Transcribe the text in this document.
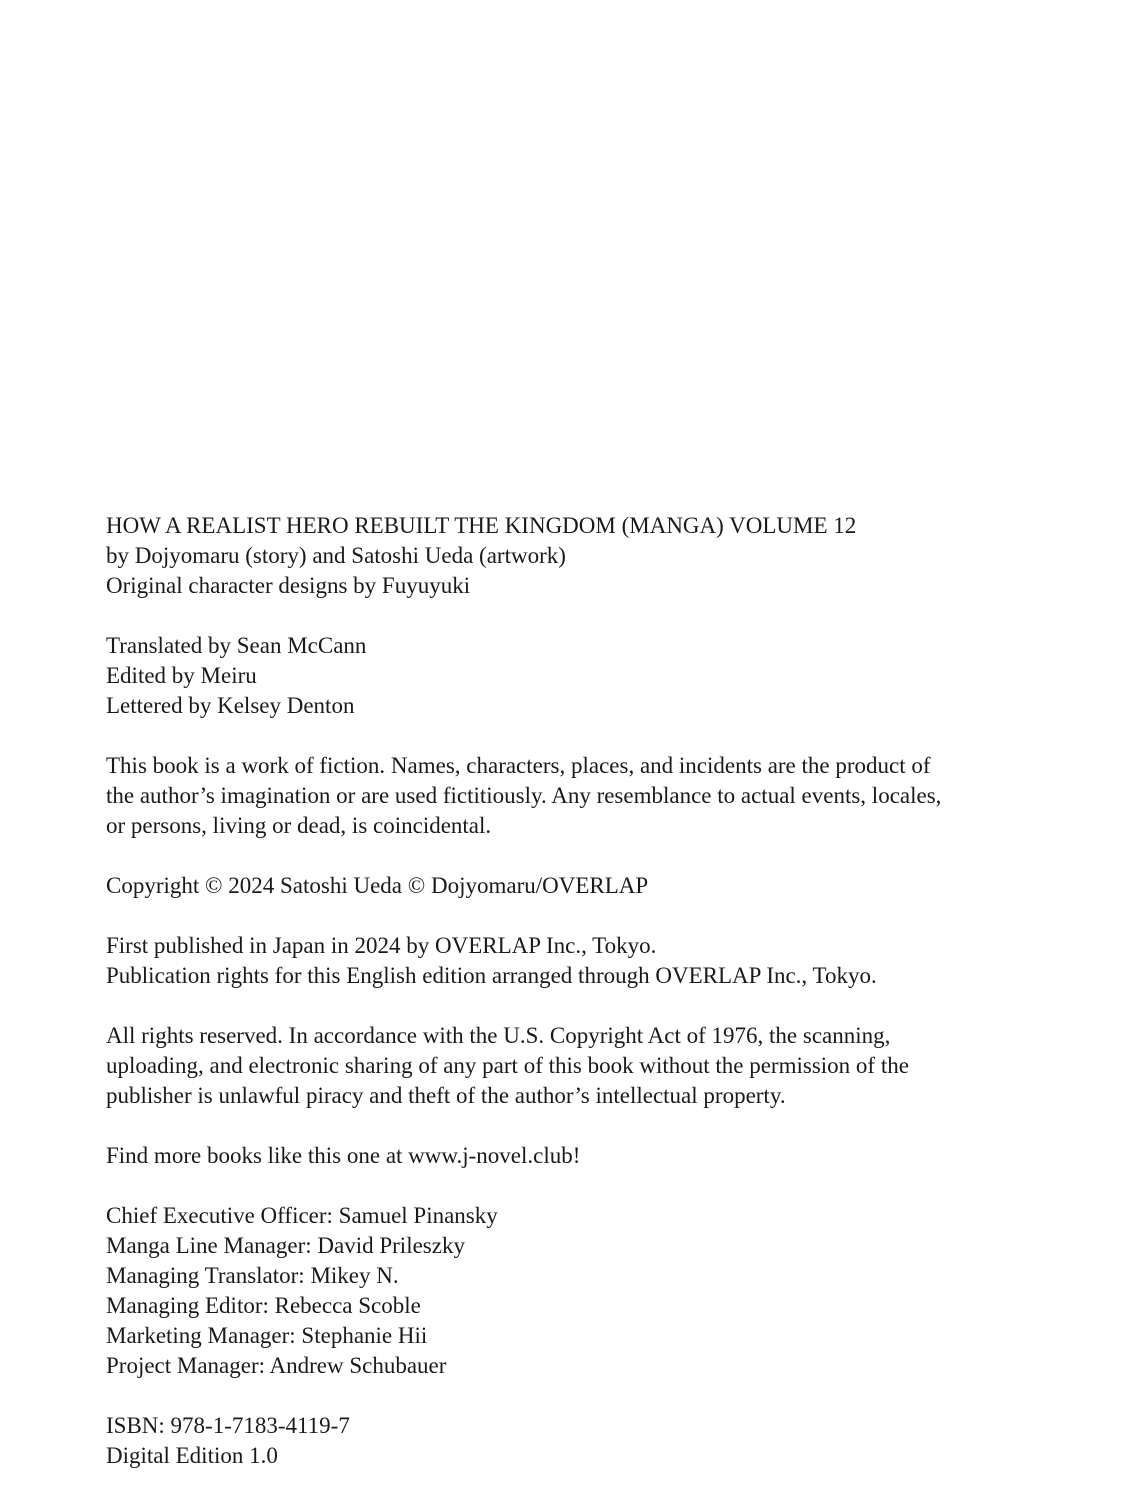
HOW A REALIST HERO REBUILT THE KINGDOM (MANGA) VOLUME 12

by Dojyomaru (story) and Satoshi Ueda (artwork)

Original character designs by Fuyuyuki

Translated by Sean McCann

Edited by Meiru

Lettered by Kelsey Denton

This book is a work of fiction. Names, characters, places, and incidents are the product of

the author’s imagination or are used fictitiously. Any resemblance to actual events, locales,

or persons, living or dead, is coincidental.

Copyright © 2024 Satoshi Ueda © Dojyomaru/OVERLAP

First published in Japan in 2024 by OVERLAP Inc., Tokyo.

Publication rights for this English edition arranged through OVERLAP Inc., Tokyo.

All rights reserved. In accordance with the U.S. Copyright Act of 1976, the scanning,

uploading, and electronic sharing of any part of this book without the permission of the

publisher is unlawful piracy and theft of the author’s intellectual property.

Find more books like this one at www.j-novel.club!

Chief Executive Officer: Samuel Pinansky

Manga Line Manager: David Prileszky

Managing Translator: Mikey N.

Managing Editor: Rebecca Scoble

Marketing Manager: Stephanie Hii

Project Manager: Andrew Schubauer

ISBN: 978-1-7183-4119-7

Digital Edition 1.0
